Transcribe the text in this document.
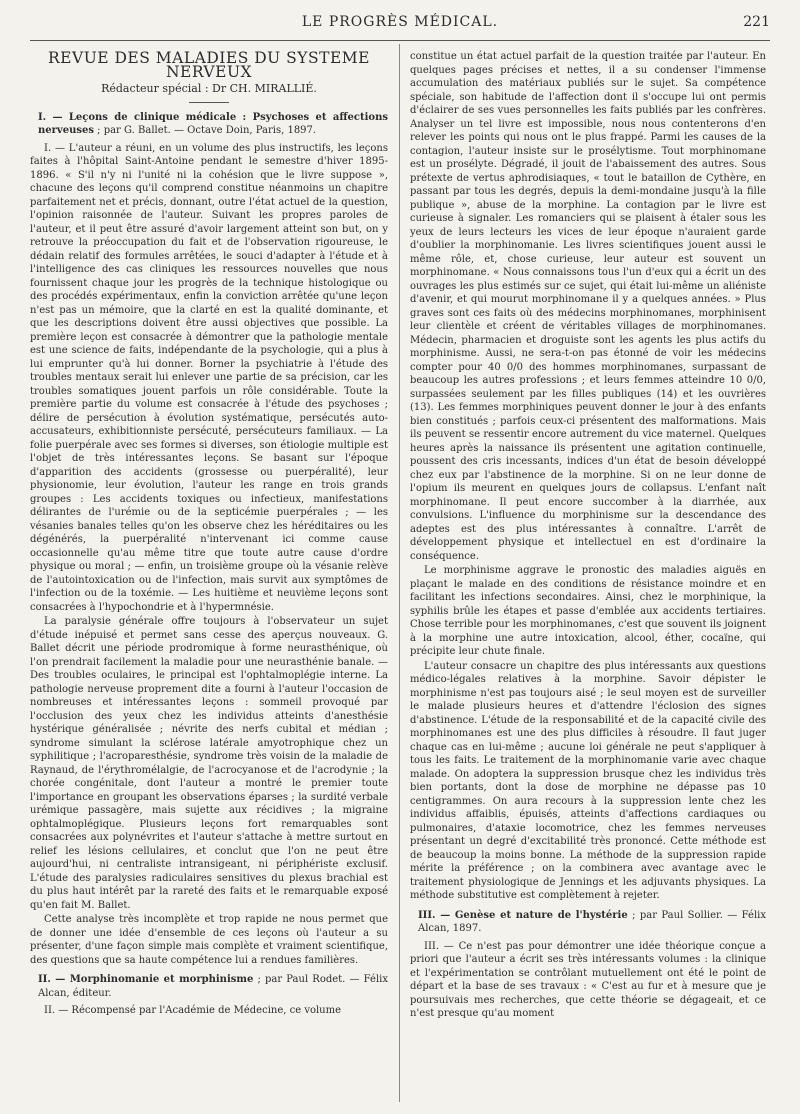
LE PROGRÈS MÉDICAL.	221
REVUE DES MALADIES DU SYSTÈME NERVEUX
Rédacteur spécial : Dr CH. MIRALLIÉ.

I. — Leçons de clinique médicale : Psychoses et affections nerveuses ; par G. Ballet. — Octave Doin, Paris, 1897.

I. — L'auteur a réuni, en un volume des plus instructifs, les leçons faites à l'hôpital Saint-Antoine pendant le semestre d'hiver 1895-1896. « S'il n'y ni l'unité ni la cohésion que le livre suppose », chacune des leçons qu'il comprend constitue néanmoins un chapitre parfaitement net et précis, donnant, outre l'état actuel de la question, l'opinion raisonnée de l'auteur. Suivant les propres paroles de l'auteur, et il peut être assuré d'avoir largement atteint son but, on y retrouve la préoccupation du fait et de l'observation rigoureuse, le dédain relatif des formules arrêtées, le souci d'adapter à l'étude et à l'intelligence des cas cliniques les ressources nouvelles que nous fournissent chaque jour les progrès de la technique histologique ou des procédés expérimentaux, enfin la conviction arrêtée qu'une leçon n'est pas un mémoire, que la clarté en est la qualité dominante, et que les descriptions doivent être aussi objectives que possible. La première leçon est consacrée à démontrer que la pathologie mentale est une science de faits, indépendante de la psychologie, qui a plus à lui emprunter qu'à lui donner. Borner la psychiatrie à l'étude des troubles mentaux serait lui enlever une partie de sa précision, car les troubles somatiques jouent parfois un rôle considérable. Toute la première partie du volume est consacrée à l'étude des psychoses ; délire de persécution à évolution systématique, persécutés auto-accusateurs, exhibitionniste persécuté, persécuteurs familiaux. — La folie puerpérale avec ses formes si diverses, son étiologie multiple est l'objet de très intéressantes leçons. Se basant sur l'époque d'apparition des accidents (grossesse ou puerpéralité), leur physionomie, leur évolution, l'auteur les range en trois grands groupes : Les accidents toxiques ou infectieux, manifestations délirantes de l'urémie ou de la septicémie puerpérales ; — les vésanies banales telles qu'on les observe chez les héréditaires ou les dégénérés, la puerpéralité n'intervenant ici comme cause occasionnelle qu'au même titre que toute autre cause d'ordre physique ou moral ; — enfin, un troisième groupe où la vésanie relève de l'autointoxication ou de l'infection, mais survit aux symptômes de l'infection ou de la toxémie. — Les huitième et neuvième leçons sont consacrées à l'hypochondrie et à l'hypermnésie.

La paralysie générale offre toujours à l'observateur un sujet d'étude inépuisé et permet sans cesse des aperçus nouveaux. G. Ballet décrit une période prodromique à forme neurasthénique, où l'on prendrait facilement la maladie pour une neurasthénie banale. — Des troubles oculaires, le principal est l'ophtalmoplégie interne. La pathologie nerveuse proprement dite a fourni à l'auteur l'occasion de nombreuses et intéressantes leçons : sommeil provoqué par l'occlusion des yeux chez les individus atteints d'anesthésie hystérique généralisée ; névrite des nerfs cubital et médian ; syndrome simulant la sclérose latérale amyotrophique chez un syphilitique ; l'acroparesthésie, syndrome très voisin de la maladie de Raynaud, de l'érythromélalgie, de l'acrocyanose et de l'acrodynie ; la chorée congénitale, dont l'auteur a montré le premier toute l'importance en groupant les observations éparses ; la surdité verbale urémique passagère, mais sujette aux récidives ; la migraine ophtalmoplégique. Plusieurs leçons fort remarquables sont consacrées aux polynévrites et l'auteur s'attache à mettre surtout en relief les lésions cellulaires, et conclut que l'on ne peut être aujourd'hui, ni centraliste intransigeant, ni périphériste exclusif. L'étude des paralysies radiculaires sensitives du plexus brachial est du plus haut intérêt par la rareté des faits et le remarquable exposé qu'en fait M. Ballet.

Cette analyse très incomplète et trop rapide ne nous permet que de donner une idée d'ensemble de ces leçons où l'auteur a su présenter, d'une façon simple mais complète et vraiment scientifique, des questions que sa haute compétence lui a rendues familières.

II. — Morphinomanie et morphinisme ; par Paul Rodet. — Félix Alcan, éditeur.

II. — Récompensé par l'Académie de Médecine, ce volume

constitue un état actuel parfait de la question traitée par l'auteur. En quelques pages précises et nettes, il a su condenser l'immense accumulation des matériaux publiés sur le sujet. Sa compétence spéciale, son habitude de l'affection dont il s'occupe lui ont permis d'éclairer de ses vues personnelles les faits publiés par les confrères. Analyser un tel livre est impossible, nous nous contenterons d'en relever les points qui nous ont le plus frappé. Parmi les causes de la contagion, l'auteur insiste sur le prosélytisme. Tout morphinomane est un prosélyte. Dégradé, il jouit de l'abaissement des autres. Sous prétexte de vertus aphrodisiaques, « tout le bataillon de Cythère, en passant par tous les degrés, depuis la demi-mondaine jusqu'à la fille publique », abuse de la morphine. La contagion par le livre est curieuse à signaler. Les romanciers qui se plaisent à étaler sous les yeux de leurs lecteurs les vices de leur époque n'auraient garde d'oublier la morphinomanie. Les livres scientifiques jouent aussi le même rôle, et, chose curieuse, leur auteur est souvent un morphinomane. « Nous connaissons tous l'un d'eux qui a écrit un des ouvrages les plus estimés sur ce sujet, qui était lui-même un aliéniste d'avenir, et qui mourut morphinomane il y a quelques années. » Plus graves sont ces faits où des médecins morphinomanes, morphinisent leur clientèle et créent de véritables villages de morphinomanes. Médecin, pharmacien et droguiste sont les agents les plus actifs du morphinisme. Aussi, ne sera-t-on pas étonné de voir les médecins compter pour 40 0/0 des hommes morphinomanes, surpassant de beaucoup les autres professions ; et leurs femmes atteindre 10 0/0, surpassées seulement par les filles publiques (14) et les ouvrières (13). Les femmes morphiniques peuvent donner le jour à des enfants bien constitués ; parfois ceux-ci présentent des malformations. Mais ils peuvent se ressentir encore autrement du vice maternel. Quelques heures après la naissance ils présentent une agitation continuelle, poussent des cris incessants, indices d'un état de besoin développé chez eux par l'abstinence de la morphine. Si on ne leur donne de l'opium ils meurent en quelques jours de collapsus. L'enfant naît morphinomane. Il peut encore succomber à la diarrhée, aux convulsions. L'influence du morphinisme sur la descendance des adeptes est des plus intéressantes à connaître. L'arrêt de développement physique et intellectuel en est d'ordinaire la conséquence.

Le morphinisme aggrave le pronostic des maladies aiguës en plaçant le malade en des conditions de résistance moindre et en facilitant les infections secondaires. Ainsi, chez le morphinique, la syphilis brûle les étapes et passe d'emblée aux accidents tertiaires. Chose terrible pour les morphinomanes, c'est que souvent ils joignent à la morphine une autre intoxication, alcool, éther, cocaïne, qui précipite leur chute finale.

L'auteur consacre un chapitre des plus intéressants aux questions médico-légales relatives à la morphine. Savoir dépister le morphinisme n'est pas toujours aisé ; le seul moyen est de surveiller le malade plusieurs heures et d'attendre l'éclosion des signes d'abstinence. L'étude de la responsabilité et de la capacité civile des morphinomanes est une des plus difficiles à résoudre. Il faut juger chaque cas en lui-même ; aucune loi générale ne peut s'appliquer à tous les faits. Le traitement de la morphinomanie varie avec chaque malade. On adoptera la suppression brusque chez les individus très bien portants, dont la dose de morphine ne dépasse pas 10 centigrammes. On aura recours à la suppression lente chez les individus affaiblis, épuisés, atteints d'affections cardiaques ou pulmonaires, d'ataxie locomotrice, chez les femmes nerveuses présentant un degré d'excitabilité très prononcé. Cette méthode est de beaucoup la moins bonne. La méthode de la suppression rapide mérite la préférence ; on la combinera avec avantage avec le traitement physiologique de Jennings et les adjuvants physiques. La méthode substitutive est complètement à rejeter.

III. — Genèse et nature de l'hystérie ; par Paul Sollier. — Félix Alcan, 1897.

III. — Ce n'est pas pour démontrer une idée théorique conçue a priori que l'auteur a écrit ses très intéressants volumes : la clinique et l'expérimentation se contrôlant mutuellement ont été le point de départ et la base de ses travaux : « C'est au fur et à mesure que je poursuivais mes recherches, que cette théorie se dégageait, et ce n'est presque qu'au moment
